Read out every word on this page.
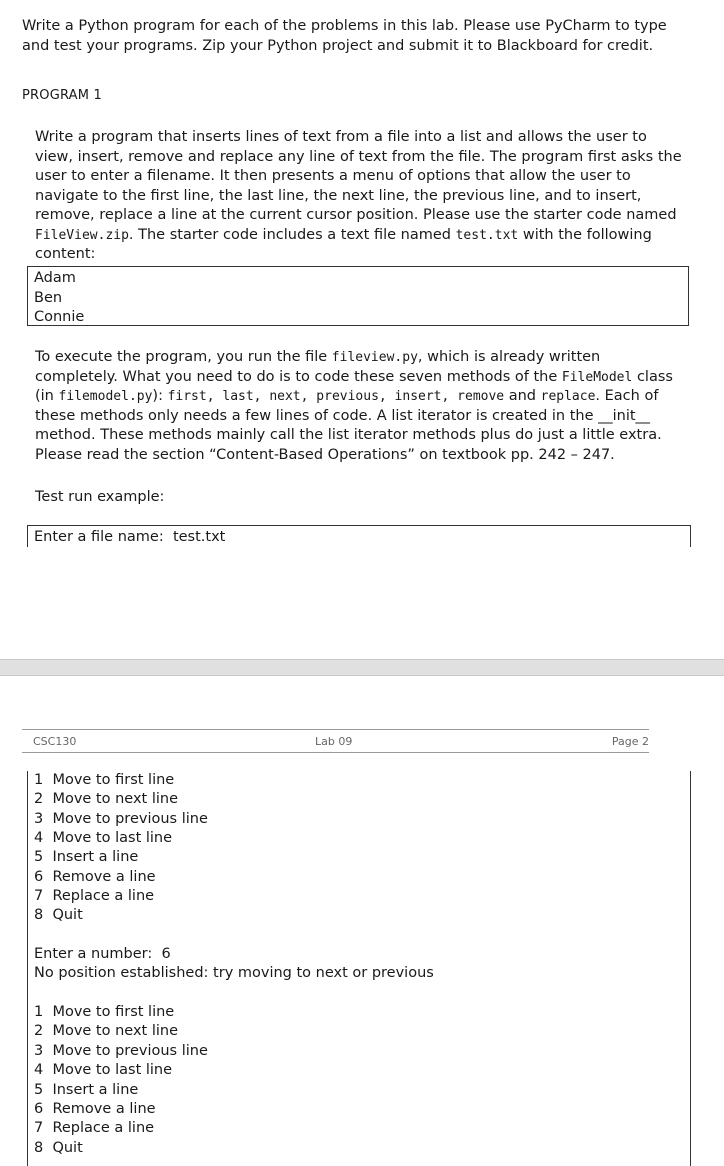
Write a Python program for each of the problems in this lab. Please use PyCharm to type

and test your programs. Zip your Python project and submit it to Blackboard for credit.

PROGRAM 1

Write a program that inserts lines of text from a file into a list and allows the user to view, insert, remove and replace any line of text from the file. The program first asks the user to enter a filename. It then presents a menu of options that allow the user to navigate to the first line, the last line, the next line, the previous line, and to insert, remove, replace a line at the current cursor position. Please use the starter code named FileView.zip. The starter code includes a text file named test.txt with the following content:

Adam
Ben
Connie

To execute the program, you run the file fileview.py, which is already written completely. What you need to do is to code these seven methods of the FileModel class (in filemodel.py): first, last, next, previous, insert, remove and replace. Each of these methods only needs a few lines of code. A list iterator is created in the __init__ method. These methods mainly call the list iterator methods plus do just a little extra. Please read the section “Content-Based Operations” on textbook pp. 242 – 247.

Test run example:

Enter a file name:  test.txt
CSC130	Lab 09	Page 2
1  Move to first line
2  Move to next line
3  Move to previous line
4  Move to last line
5  Insert a line
6  Remove a line
7  Replace a line
8  Quit
Enter a number:  6
No position established: try moving to next or previous
1  Move to first line
2  Move to next line
3  Move to previous line
4  Move to last line
5  Insert a line
6  Remove a line
7  Replace a line
8  Quit
